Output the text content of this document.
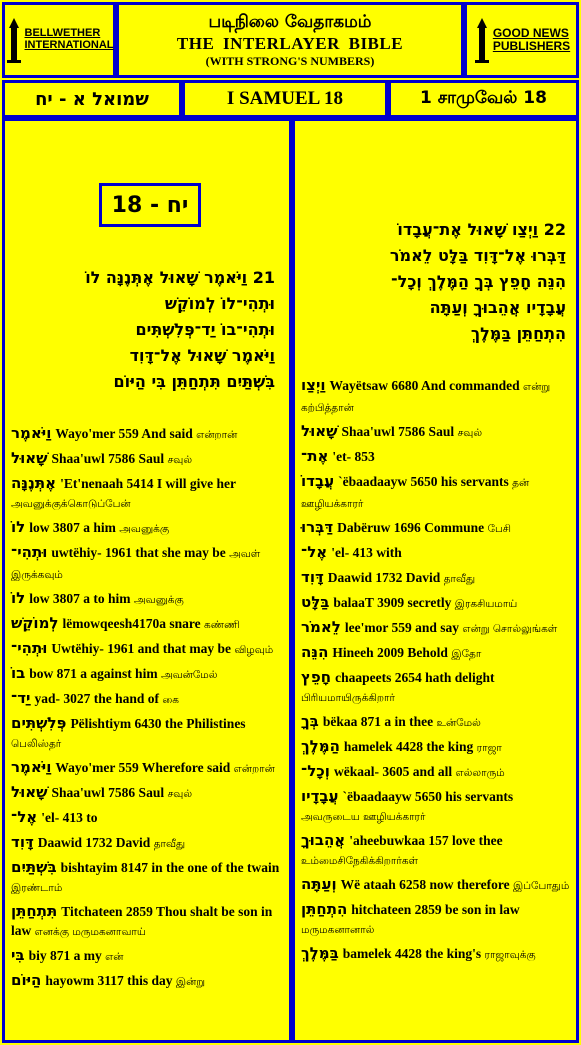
BELLWETHER
INTERNATIONAL
படிநிலை வேதாகமம்
THE INTERLAYER BIBLE
(WITH STRONG'S NUMBERS)
GOOD NEWS
PUBLISHERS
שמואל א - יח	I SAMUEL 18	1 சாமுவேல் 18
יח - 18
21 וַיֹּאמֶר שָׁאוּל אֶתְּנֶנָּה לוֹ
וּתְהִי־לוֹ לְמוֹקֵשׁ
וּתְהִי־בוֹ יַד־פְּלִשְׁתִּים
וַיֹּאמֶר שָׁאוּל אֶל־דָּוִד
בִּשְׁתַּיִם תִּתְחַתֵּן בִּי הַיּוֹם
וַיֹּאמֶר Wayo'mer 559 And said என்றான்
שָׁאוּל Shaa'uwl 7586 Saul சவுல்
אֶתְּנֶנָּה 'Et'nenaah 5414 I will give her அவனுக்குக்கொடுப்பேன்
לוֹ low 3807 a him அவனுக்கு
וּתְהִי־ uwtëhiy- 1961 that she may be அவள் இருக்கவும்
לוֹ low 3807 a to him அவனுக்கு
לְמוֹקֵשׁ lëmowqeesh4170a snare கண்ணி
וּתְהִי־ Uwtëhiy- 1961 and that may be விழவும்
בוֹ bow 871 a against him அவன்மேல்
יַד־ yad- 3027 the hand of கை
פְּלִשְׁתִּים Pëlishtiym 6430 the Philistines பெலிஸ்தர்
וַיֹּאמֶר Wayo'mer 559 Wherefore said என்றான்
שָׁאוּל Shaa'uwl 7586 Saul சவுல்
אֶל־ 'el- 413 to
דָּוִד Daawid 1732 David தாவீது
בִּשְׁתַּיִם bishtayim 8147 in the one of the twain இரண்டாம்
תִּתְחַתֵּן Titchateen 2859 Thou shalt be son in law எனக்கு மருமகனாவாய்
בִּי biy 871 a my என்
הַיּוֹם hayowm 3117 this day இன்று
22 וַיְצַו שָׁאוּל אֶת־עֲבָדוֹ
דַּבְּרוּ אֶל־דָּוִד בַּלָּט לֵאמֹר
הִנֵּה חָפֵץ בְּךָ הַמֶּלֶךְ וְכָל־
עֲבָדָיו אֲהֵבוּךָ וְעַתָּה
הִתְחַתֵּן בַּמֶּלֶךְ
וַיְצַו Wayëtsaw 6680 And commanded என்று கற்பித்தான்
שָׁאוּל Shaa'uwl 7586 Saul சவுல்
אֶת־ 'et- 853
עֲבָדוֹ `ëbaadaayw 5650 his servants தன் ஊழியக்காரர்
דַּבְּרוּ Dabëruw 1696 Commune பேசி
אֶל־ 'el- 413 with
דָּוִד Daawid 1732 David தாவீது
בַּלָּט balaaT 3909 secretly இரகசியமாய்
לֵאמֹר lee'mor 559 and say என்று சொல்லுங்கள்
הִנֵּה Hineeh 2009 Behold இதோ
חָפֵץ chaapeets 2654 hath delight பிரியமாயிருக்கிறார்
בְּךָ bëkaa 871 a in thee உன்மேல்
הַמֶּלֶךְ hamelek 4428 the king ராஜா
וְכָל־ wëkaal- 3605 and all எல்லாரும்
עֲבָדָיו `ëbaadaayw 5650 his servants அவருடைய ஊழியக்காரர்
אֲהֵבוּךָ 'aheebuwkaa 157 love thee உம்மைசிநேகிக்கிறார்கள்
וְעַתָּה Wë ataah 6258 now therefore இப்போதும்
הִתְחַתֵּן hitchateen 2859 be son in law மருமகனானால்
בַּמֶּלֶךְ bamelek 4428 the king's ராஜாவுக்கு
